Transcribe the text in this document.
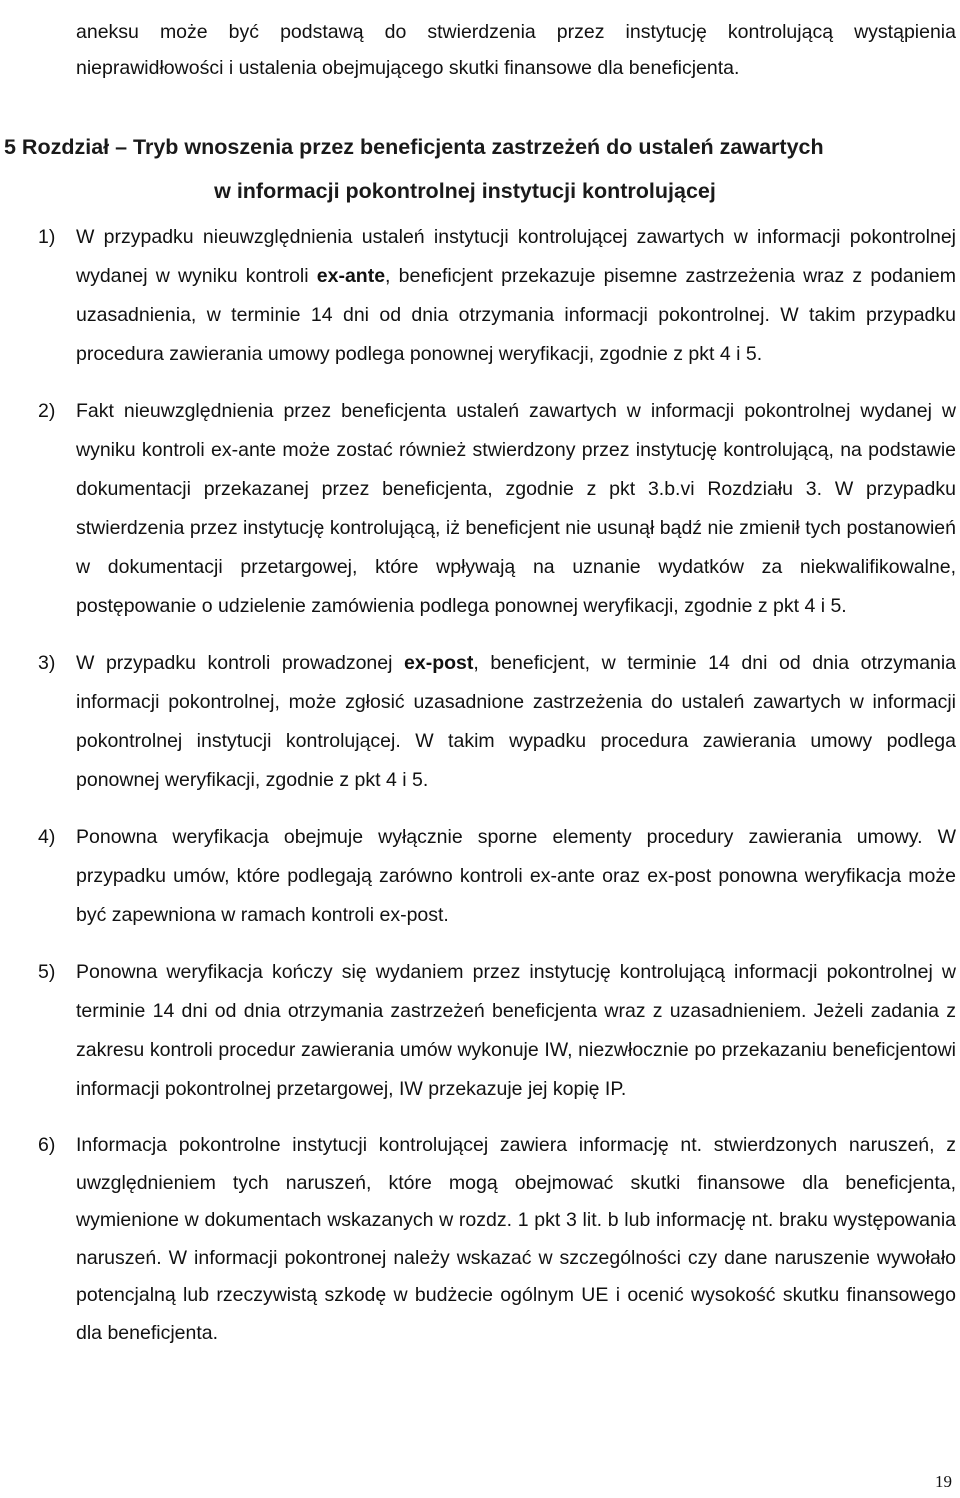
aneksu może być podstawą do stwierdzenia przez instytucję kontrolującą wystąpienia nieprawidłowości i ustalenia obejmującego skutki finansowe dla beneficjenta.

5 Rozdział – Tryb wnoszenia przez beneficjenta zastrzeżeń do ustaleń zawartych
w informacji pokontrolnej instytucji kontrolującej
1) W przypadku nieuwzględnienia ustaleń instytucji kontrolującej zawartych w informacji pokontrolnej wydanej w wyniku kontroli ex-ante, beneficjent przekazuje pisemne zastrzeżenia wraz z podaniem uzasadnienia, w terminie 14 dni od dnia otrzymania informacji pokontrolnej. W takim przypadku procedura zawierania umowy podlega ponownej weryfikacji, zgodnie z pkt 4 i 5.
2) Fakt nieuwzględnienia przez beneficjenta ustaleń zawartych w informacji pokontrolnej wydanej w wyniku kontroli ex-ante może zostać również stwierdzony przez instytucję kontrolującą, na podstawie dokumentacji przekazanej przez beneficjenta, zgodnie z pkt 3.b.vi Rozdziału 3. W przypadku stwierdzenia przez instytucję kontrolującą, iż beneficjent nie usunął bądź nie zmienił tych postanowień w dokumentacji przetargowej, które wpływają na uznanie wydatków za niekwalifikowalne, postępowanie o udzielenie zamówienia podlega ponownej weryfikacji, zgodnie z pkt 4 i 5.
3) W przypadku kontroli prowadzonej ex-post, beneficjent, w terminie 14 dni od dnia otrzymania informacji pokontrolnej, może zgłosić uzasadnione zastrzeżenia do ustaleń zawartych w informacji pokontrolnej instytucji kontrolującej. W takim wypadku procedura zawierania umowy podlega ponownej weryfikacji, zgodnie z pkt 4 i 5.
4) Ponowna weryfikacja obejmuje wyłącznie sporne elementy procedury zawierania umowy. W przypadku umów, które podlegają zarówno kontroli ex-ante oraz ex-post ponowna weryfikacja może być zapewniona w ramach kontroli ex-post.
5) Ponowna weryfikacja kończy się wydaniem przez instytucję kontrolującą informacji pokontrolnej w terminie 14 dni od dnia otrzymania zastrzeżeń beneficjenta wraz z uzasadnieniem. Jeżeli zadania z zakresu kontroli procedur zawierania umów wykonuje IW, niezwłocznie po przekazaniu beneficjentowi informacji pokontrolnej przetargowej, IW przekazuje jej kopię IP.
6) Informacja pokontrolne instytucji kontrolującej zawiera informację nt. stwierdzonych naruszeń, z uwzględnieniem tych naruszeń, które mogą obejmować skutki finansowe dla beneficjenta, wymienione w dokumentach wskazanych w rozdz. 1 pkt 3 lit. b lub informację nt. braku występowania naruszeń. W informacji pokontronej należy wskazać w szczególności czy dane naruszenie wywołało potencjalną lub rzeczywistą szkodę w budżecie ogólnym UE i ocenić wysokość skutku finansowego dla beneficjenta.
19
